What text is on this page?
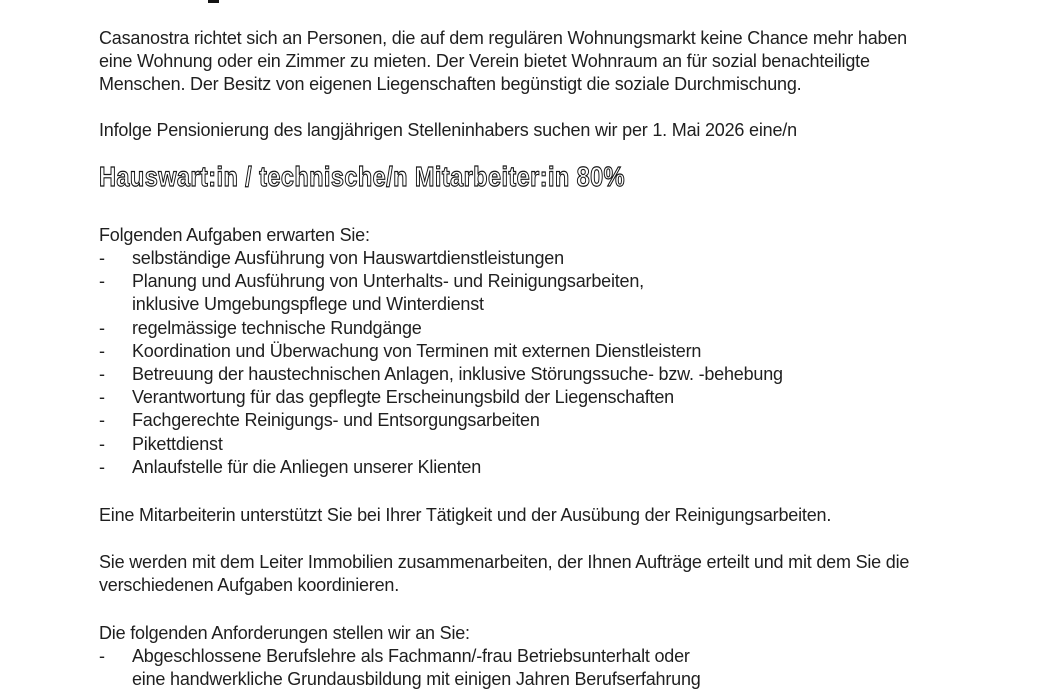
Casanostra richtet sich an Personen, die auf dem regulären Wohnungsmarkt keine Chance mehr haben
eine Wohnung oder ein Zimmer zu mieten. Der Verein bietet Wohnraum an für sozial benachteiligte
Menschen. Der Besitz von eigenen Liegenschaften begünstigt die soziale Durchmischung.
Infolge Pensionierung des langjährigen Stelleninhabers suchen wir per 1. Mai 2026 eine/n
Hauswart:in / technische/n Mitarbeiter:in 80%
Folgenden Aufgaben erwarten Sie:
-	selbständige Ausführung von Hauswartdienstleistungen
-	Planung und Ausführung von Unterhalts- und Reinigungsarbeiten,
inklusive Umgebungspflege und Winterdienst
-	regelmässige technische Rundgänge
-	Koordination und Überwachung von Terminen mit externen Dienstleistern
-	Betreuung der haustechnischen Anlagen, inklusive Störungssuche- bzw. -behebung
-	Verantwortung für das gepflegte Erscheinungsbild der Liegenschaften
-	Fachgerechte Reinigungs- und Entsorgungsarbeiten
-	Pikettdienst
-	Anlaufstelle für die Anliegen unserer Klienten
Eine Mitarbeiterin unterstützt Sie bei Ihrer Tätigkeit und der Ausübung der Reinigungsarbeiten.
Sie werden mit dem Leiter Immobilien zusammenarbeiten, der Ihnen Aufträge erteilt und mit dem Sie die
verschiedenen Aufgaben koordinieren.
Die folgenden Anforderungen stellen wir an Sie:
-	Abgeschlossene Berufslehre als Fachmann/-frau Betriebsunterhalt oder
eine handwerkliche Grundausbildung mit einigen Jahren Berufserfahrung
